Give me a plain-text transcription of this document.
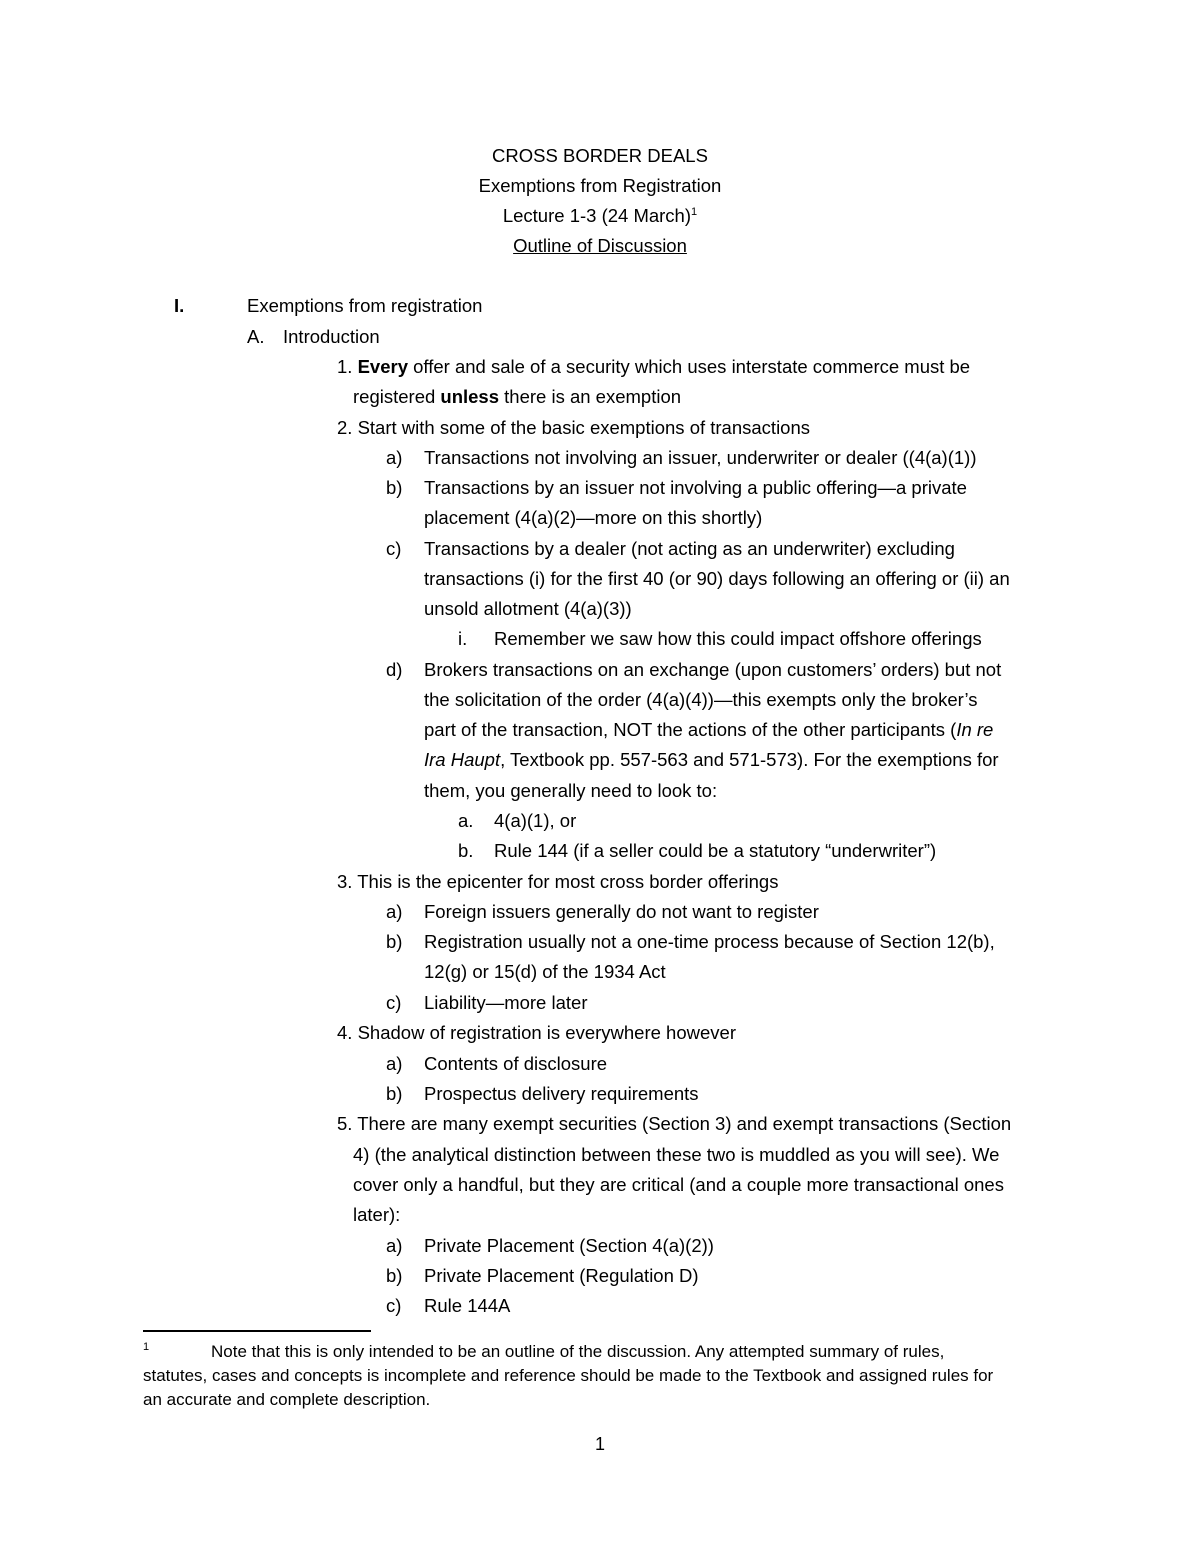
CROSS BORDER DEALS
Exemptions from Registration
Lecture 1-3 (24 March)$^1$
Outline of Discussion
I.	Exemptions from registration
A. Introduction
1. Every offer and sale of a security which uses interstate commerce must be
registered unless there is an exemption
2. Start with some of the basic exemptions of transactions
a) Transactions not involving an issuer, underwriter or dealer ((4(a)(1))
b) Transactions by an issuer not involving a public offering—a private
placement (4(a)(2)—more on this shortly)
c) Transactions by a dealer (not acting as an underwriter) excluding
transactions (i) for the first 40 (or 90) days following an offering or (ii) an
unsold allotment (4(a)(3))
i. Remember we saw how this could impact offshore offerings
d) Brokers transactions on an exchange (upon customers’ orders) but not
the solicitation of the order (4(a)(4))—this exempts only the broker’s
part of the transaction, NOT the actions of the other participants (In re
Ira Haupt, Textbook pp. 557-563 and 571-573). For the exemptions for
them, you generally need to look to:
a. 4(a)(1), or
b. Rule 144 (if a seller could be a statutory “underwriter”)
3. This is the epicenter for most cross border offerings
a) Foreign issuers generally do not want to register
b) Registration usually not a one-time process because of Section 12(b),
12(g) or 15(d) of the 1934 Act
c) Liability—more later
4. Shadow of registration is everywhere however
a) Contents of disclosure
b) Prospectus delivery requirements
5. There are many exempt securities (Section 3) and exempt transactions (Section
4) (the analytical distinction between these two is muddled as you will see). We
cover only a handful, but they are critical (and a couple more transactional ones
later):
a) Private Placement (Section 4(a)(2))
b) Private Placement (Regulation D)
c) Rule 144A
1	Note that this is only intended to be an outline of the discussion. Any attempted summary of rules,
statutes, cases and concepts is incomplete and reference should be made to the Textbook and assigned rules for
an accurate and complete description.
1
